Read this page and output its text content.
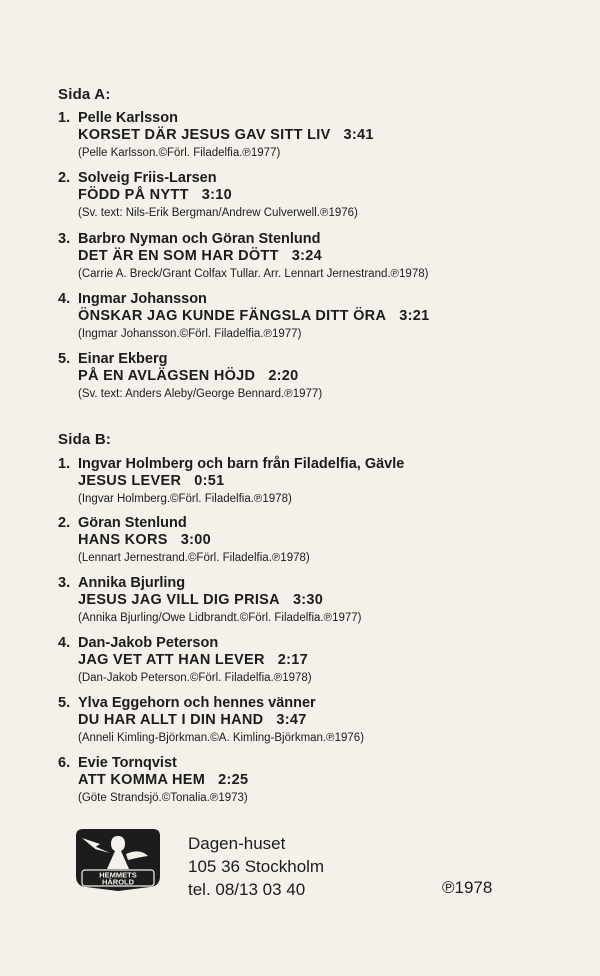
Sida A:
1. Pelle Karlsson
KORSET DÄR JESUS GAV SITT LIV 3:41
(Pelle Karlsson.©Förl. Filadelfia.℗1977)
2. Solveig Friis-Larsen
FÖDD PÅ NYTT 3:10
(Sv. text: Nils-Erik Bergman/Andrew Culverwell.℗1976)
3. Barbro Nyman och Göran Stenlund
DET ÄR EN SOM HAR DÖTT 3:24
(Carrie A. Breck/Grant Colfax Tullar. Arr. Lennart Jernestrand.℗1978)
4. Ingmar Johansson
ÖNSKAR JAG KUNDE FÄNGSLA DITT ÖRA 3:21
(Ingmar Johansson.©Förl. Filadelfia.℗1977)
5. Einar Ekberg
PÅ EN AVLÄGSEN HÖJD 2:20
(Sv. text: Anders Aleby/George Bennard.℗1977)
Sida B:
1. Ingvar Holmberg och barn från Filadelfia, Gävle
JESUS LEVER 0:51
(Ingvar Holmberg.©Förl. Filadelfia.℗1978)
2. Göran Stenlund
HANS KORS 3:00
(Lennart Jernestrand.©Förl. Filadelfia.℗1978)
3. Annika Bjurling
JESUS JAG VILL DIG PRISA 3:30
(Annika Bjurling/Owe Lidbrandt.©Förl. Filadelfia.℗1977)
4. Dan-Jakob Peterson
JAG VET ATT HAN LEVER 2:17
(Dan-Jakob Peterson.©Förl. Filadelfia.℗1978)
5. Ylva Eggehorn och hennes vänner
DU HAR ALLT I DIN HAND 3:47
(Anneli Kimling-Björkman.©A. Kimling-Björkman.℗1976)
6. Evie Tornqvist
ATT KOMMA HEM 2:25
(Göte Strandsjö.©Tonalia.℗1973)
HEMMETS HÄROLD
Dagen-huset
105 36 Stockholm
tel. 08/13 03 40	℗1978
